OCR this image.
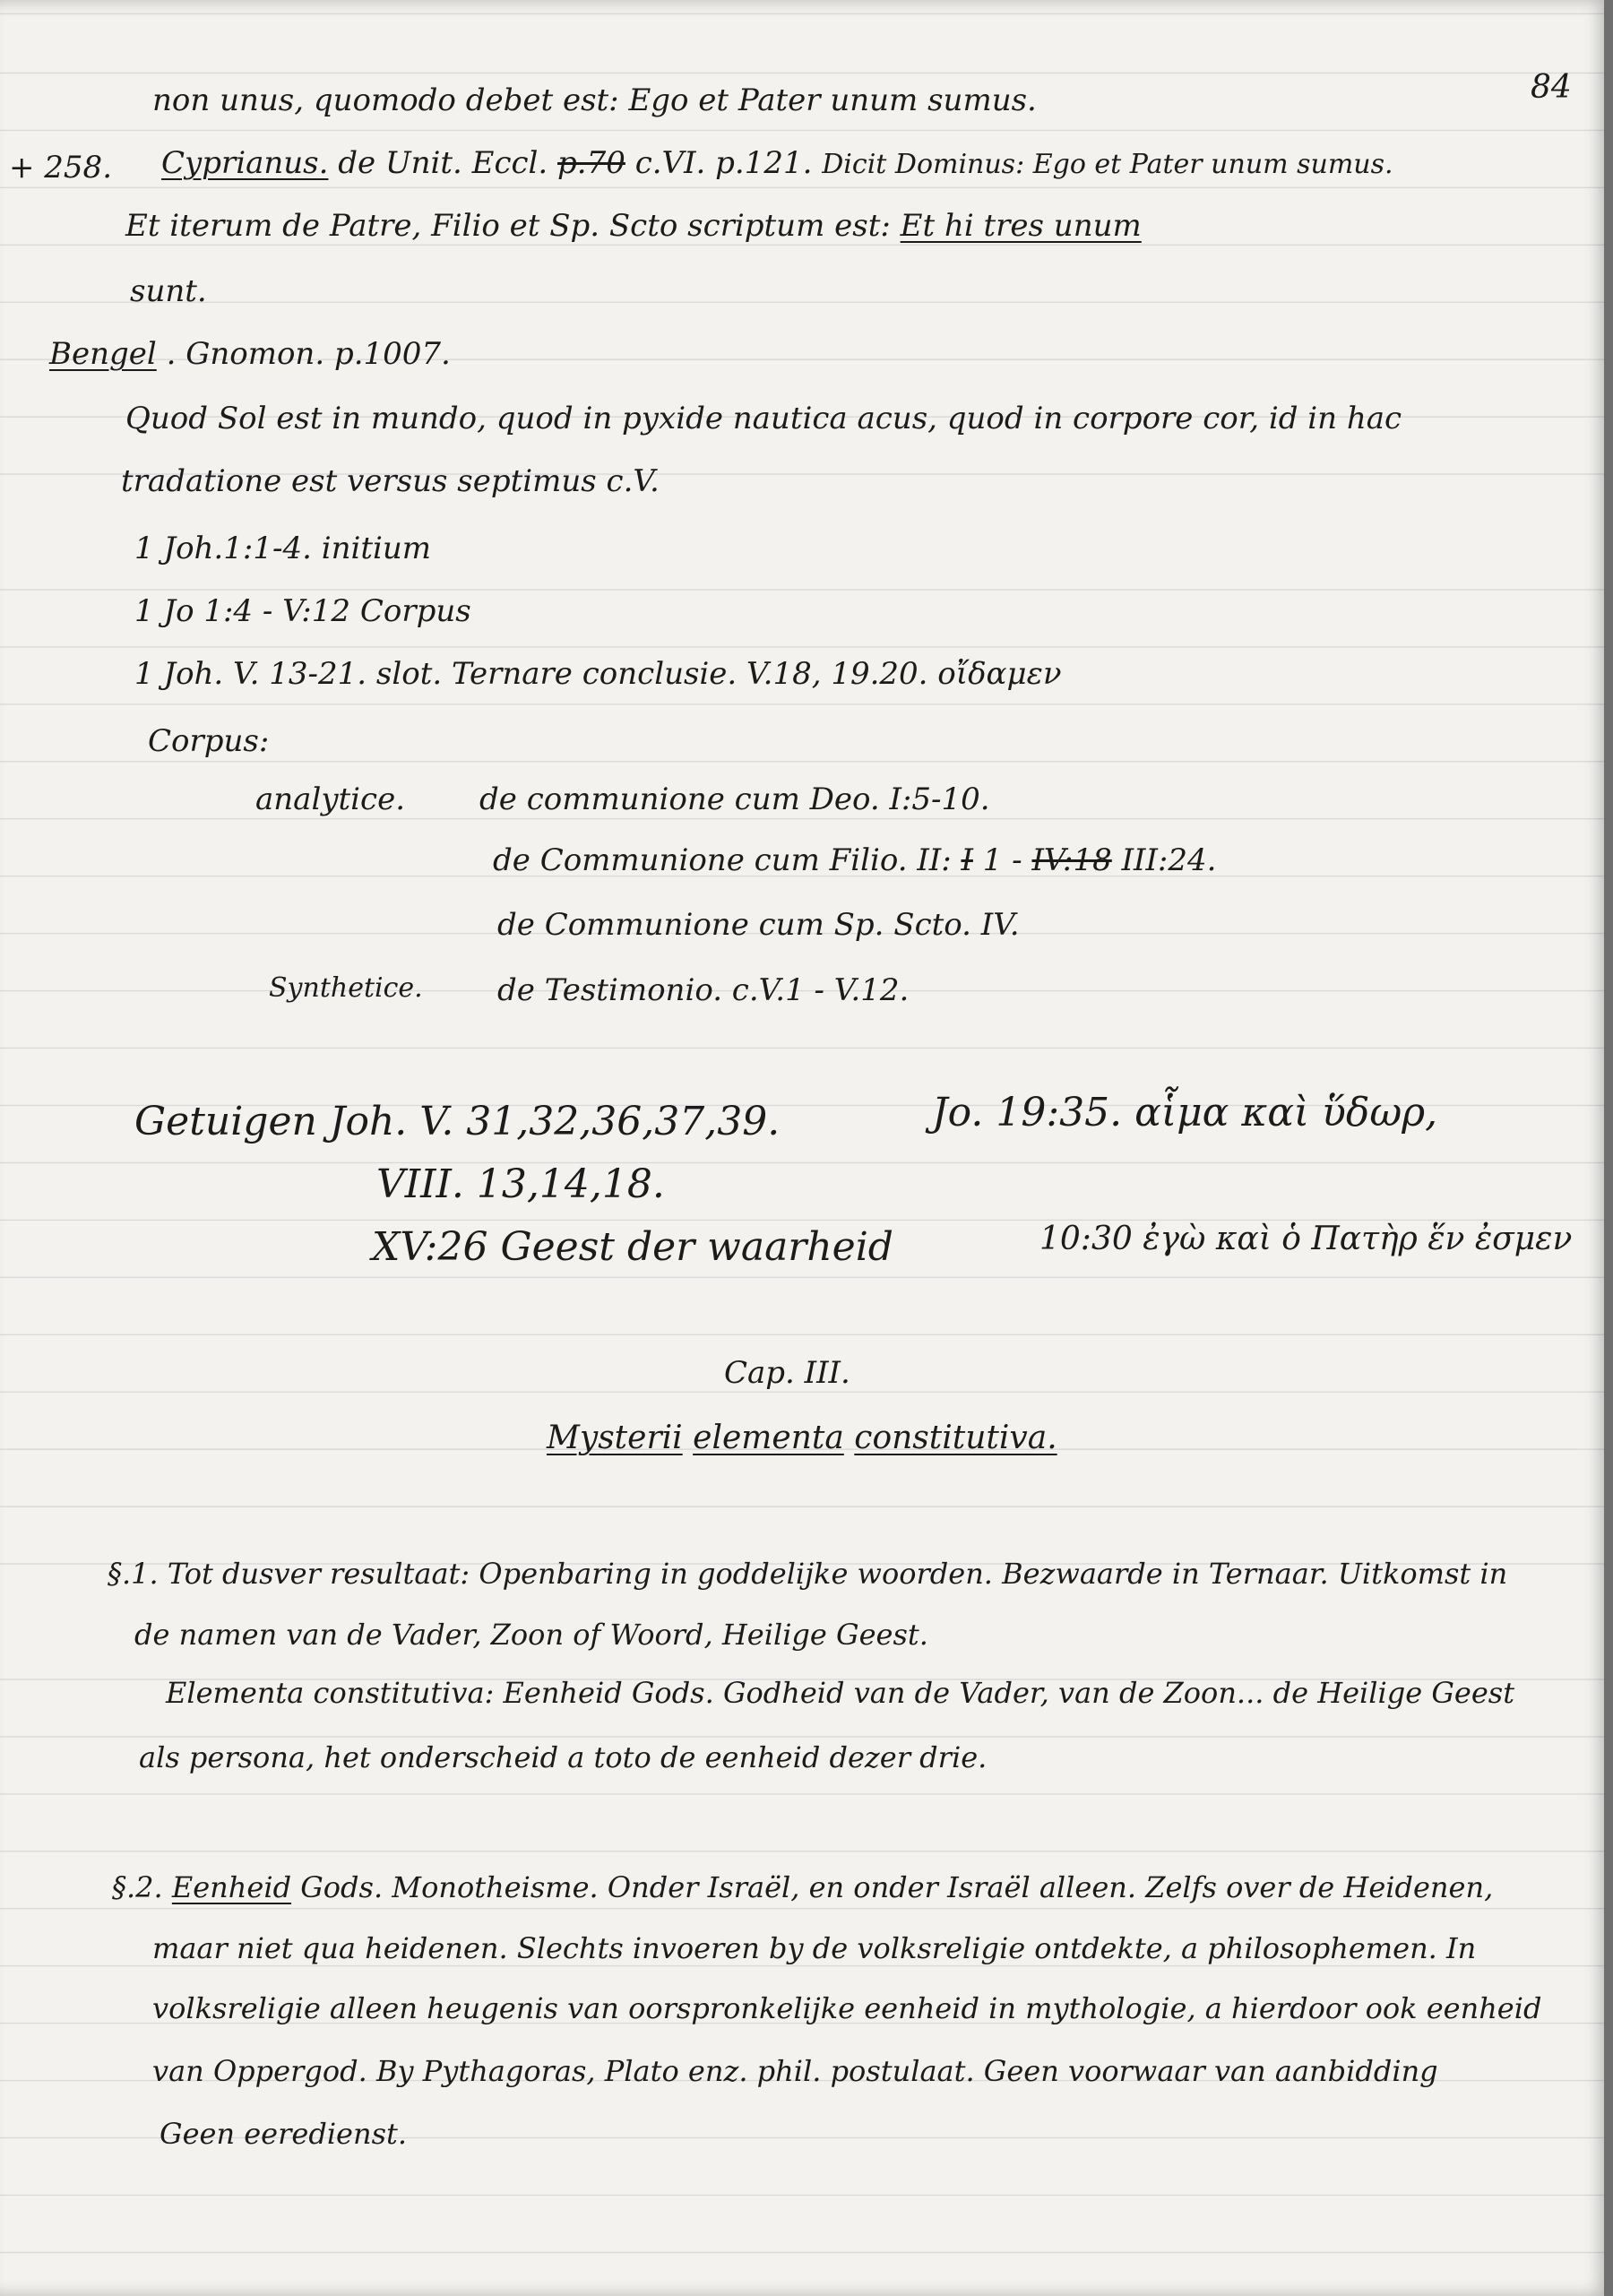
84

non unus, quomodo debet est: Ego et Pater unum sumus.

+ 258. Cyprianus. de Unit. Eccl. p.70 c.VI. p.121. Dicit Dominus: Ego et Pater unum sumus.

Et iterum de Patre, Filio et Sp. Scto scriptum est: Et hi tres unum

sunt.

Bengel . Gnomon. p.1007.

Quod Sol est in mundo, quod in pyxide nautica acus, quod in corpore cor, id in hac

tradatione est versus septimus c.V.

1 Joh.1:1-4. initium

1 Jo 1:4 - V:12 Corpus

1 Joh. V. 13-21. slot. Ternare conclusie. V.18, 19.20. οἴδαμεν

Corpus:

analytice. de communione cum Deo. I:5-10.

de Communione cum Filio. II: I 1 - IV:18 III:24.

de Communione cum Sp. Scto. IV.

Synthetice. de Testimonio. c.V.1 - V.12.

Getuigen Joh. V. 31,32,36,37,39.	Jo. 19:35. αἷμα καὶ ὕδωρ,

VIII. 13,14,18.

XV:26 Geest der waarheid	10:30 ἐγὼ καὶ ὁ Πατὴρ ἕν ἐσμεν

Cap. III.

Mysterii elementa constitutiva.

§.1. Tot dusver resultaat: Openbaring in goddelijke woorden. Bezwaarde in Ternaar. Uitkomst in

de namen van de Vader, Zoon of Woord, Heilige Geest.

Elementa constitutiva: Eenheid Gods. Godheid van de Vader, van de Zoon... de Heilige Geest

als persona, het onderscheid a toto de eenheid dezer drie.

§.2. Eenheid Gods. Monotheisme. Onder Israël, en onder Israël alleen. Zelfs over de Heidenen,

maar niet qua heidenen. Slechts invoeren by de volksreligie ontdekte, a philosophemen. In

volksreligie alleen heugenis van oorspronkelijke eenheid in mythologie, a hierdoor ook eenheid

van Oppergod. By Pythagoras, Plato enz. phil. postulaat. Geen voorwaar van aanbidding

Geen eeredienst.
